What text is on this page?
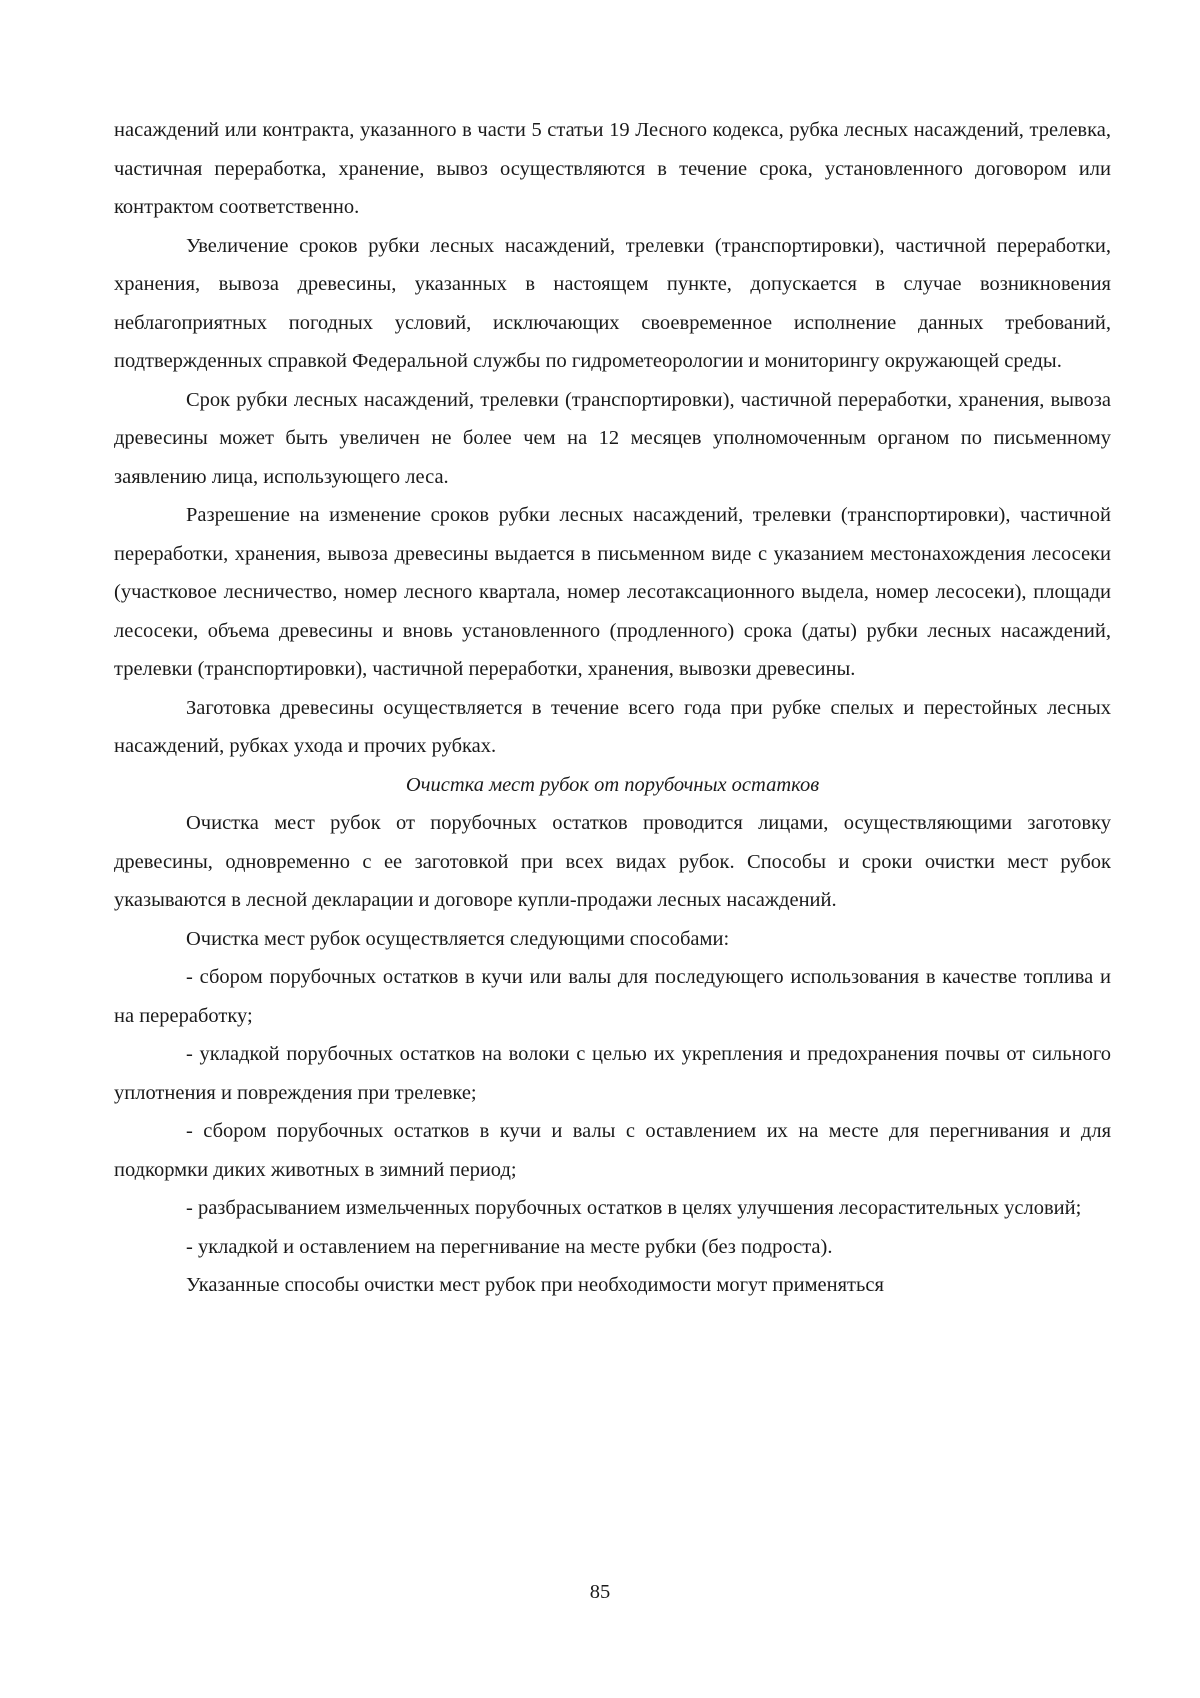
насаждений или контракта, указанного в части 5 статьи 19 Лесного кодекса, рубка лесных насаждений, трелевка, частичная переработка, хранение, вывоз осуществляются в течение срока, установленного договором или контрактом соответственно.

Увеличение сроков рубки лесных насаждений, трелевки (транспортировки), частичной переработки, хранения, вывоза древесины, указанных в настоящем пункте, допускается в случае возникновения неблагоприятных погодных условий, исключающих своевременное исполнение данных требований, подтвержденных справкой Федеральной службы по гидрометеорологии и мониторингу окружающей среды.

Срок рубки лесных насаждений, трелевки (транспортировки), частичной переработки, хранения, вывоза древесины может быть увеличен не более чем на 12 месяцев уполномоченным органом по письменному заявлению лица, использующего леса.

Разрешение на изменение сроков рубки лесных насаждений, трелевки (транспортировки), частичной переработки, хранения, вывоза древесины выдается в письменном виде с указанием местонахождения лесосеки (участковое лесничество, номер лесного квартала, номер лесотаксационного выдела, номер лесосеки), площади лесосеки, объема древесины и вновь установленного (продленного) срока (даты) рубки лесных насаждений, трелевки (транспортировки), частичной переработки, хранения, вывозки древесины.

Заготовка древесины осуществляется в течение всего года при рубке спелых и перестойных лесных насаждений, рубках ухода и прочих рубках.

Очистка мест рубок от порубочных остатков

Очистка мест рубок от порубочных остатков проводится лицами, осуществляющими заготовку древесины, одновременно с ее заготовкой при всех видах рубок. Способы и сроки очистки мест рубок указываются в лесной декларации и договоре купли-продажи лесных насаждений.

Очистка мест рубок осуществляется следующими способами:

- сбором порубочных остатков в кучи или валы для последующего использования в качестве топлива и на переработку;

- укладкой порубочных остатков на волоки с целью их укрепления и предохранения почвы от сильного уплотнения и повреждения при трелевке;

- сбором порубочных остатков в кучи и валы с оставлением их на месте для перегнивания и для подкормки диких животных в зимний период;

- разбрасыванием измельченных порубочных остатков в целях улучшения лесорастительных условий;

- укладкой и оставлением на перегнивание на месте рубки (без подроста).

Указанные способы очистки мест рубок при необходимости могут применяться

85
